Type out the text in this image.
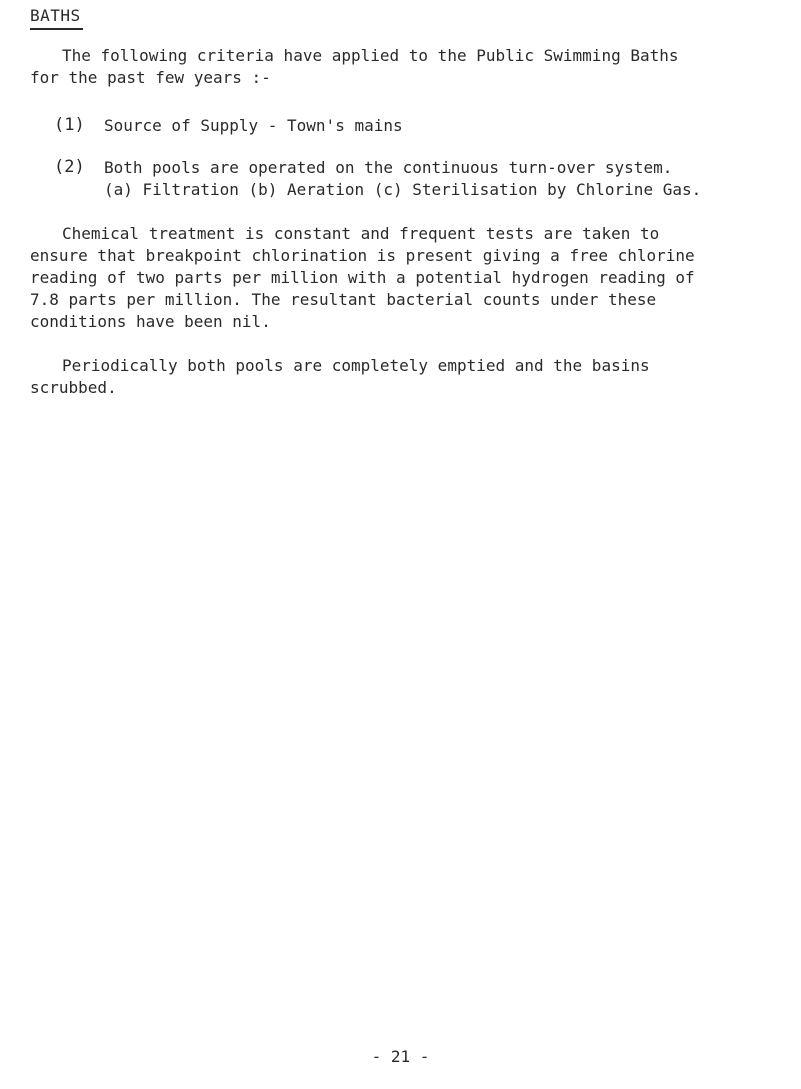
BATHS
The following criteria have applied to the Public Swimming Baths
for the past few years :-
(1) Source of Supply - Town's mains
(2) Both pools are operated on the continuous turn-over system.
(a) Filtration (b) Aeration (c) Sterilisation by Chlorine Gas.
Chemical treatment is constant and frequent tests are taken to
ensure that breakpoint chlorination is present giving a free chlorine
reading of two parts per million with a potential hydrogen reading of
7.8 parts per million. The resultant bacterial counts under these
conditions have been nil.
Periodically both pools are completely emptied and the basins
scrubbed.
- 21 -
